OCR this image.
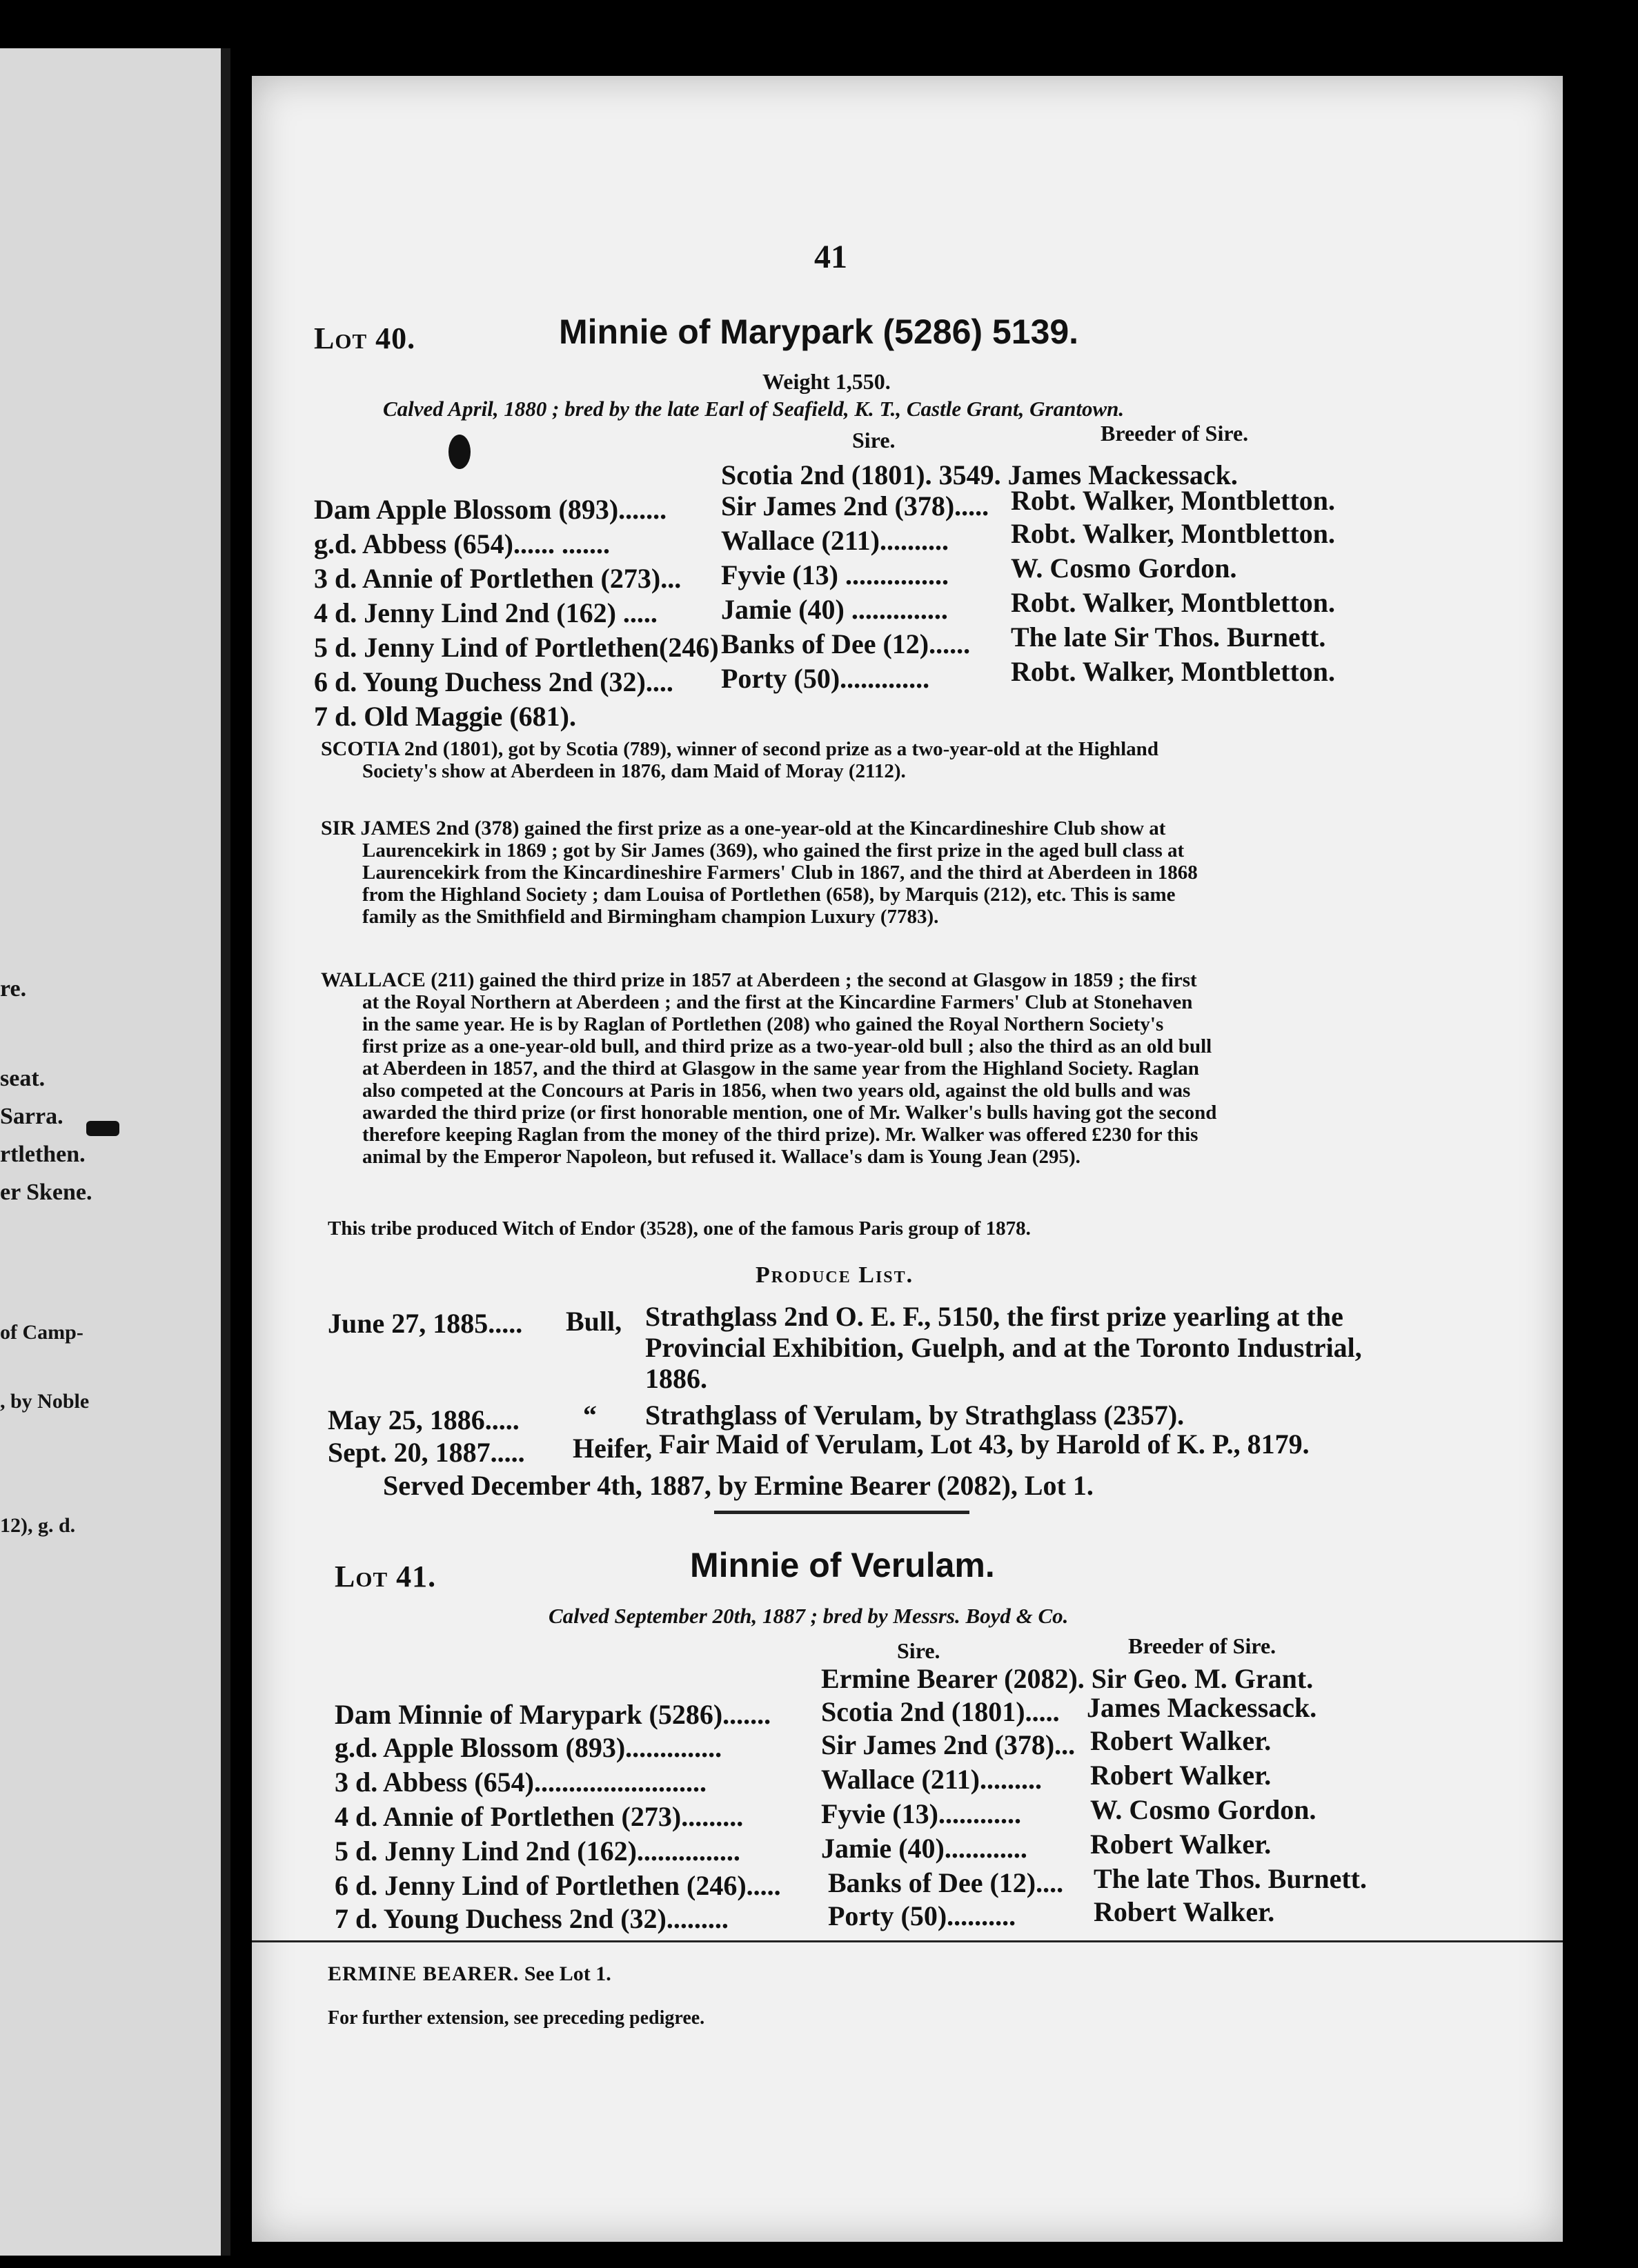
re.
seat.
Sarra.
rtlethen.
er Skene.
of Camp-
, by Noble
12), g. d.
41
Lot 40.	Minnie of Marypark (5286) 5139.
Weight 1,550.
Calved April, 1880 ; bred by the late Earl of Seafield, K. T., Castle Grant, Grantown.
Sire.	Breeder of Sire.
Scotia 2nd (1801). 3549. James Mackessack.
Dam Apple Blossom (893)....... Sir James 2nd (378)..... Robt. Walker, Montbletton.
g.d. Abbess (654)...... .......	Wallace (211).......... Robt. Walker, Montbletton.
3 d. Annie of Portlethen (273)... Fyvie (13) ............... W. Cosmo Gordon.
4 d. Jenny Lind 2nd (162) ..... Jamie (40) .............. Robt. Walker, Montbletton.
5 d. Jenny Lind of Portlethen(246) Banks of Dee (12)...... The late Sir Thos. Burnett.
6 d. Young Duchess 2nd (32).... Porty (50).............	Robt. Walker, Montbletton.
7 d. Old Maggie (681).
SCOTIA 2nd (1801), got by Scotia (789), winner of second prize as a two-year-old at the Highland
Society's show at Aberdeen in 1876, dam Maid of Moray (2112).
SIR JAMES 2nd (378) gained the first prize as a one-year-old at the Kincardineshire Club show at
Laurencekirk in 1869 ; got by Sir James (369), who gained the first prize in the aged bull class at
Laurencekirk from the Kincardineshire Farmers' Club in 1867, and the third at Aberdeen in 1868
from the Highland Society ; dam Louisa of Portlethen (658), by Marquis (212), etc. This is same
family as the Smithfield and Birmingham champion Luxury (7783).
WALLACE (211) gained the third prize in 1857 at Aberdeen ; the second at Glasgow in 1859 ; the first
at the Royal Northern at Aberdeen ; and the first at the Kincardine Farmers' Club at Stonehaven
in the same year. He is by Raglan of Portlethen (208) who gained the Royal Northern Society's
first prize as a one-year-old bull, and third prize as a two-year-old bull ; also the third as an old bull
at Aberdeen in 1857, and the third at Glasgow in the same year from the Highland Society. Raglan
also competed at the Concours at Paris in 1856, when two years old, against the old bulls and was
awarded the third prize (or first honorable mention, one of Mr. Walker's bulls having got the second
therefore keeping Raglan from the money of the third prize). Mr. Walker was offered £230 for this
animal by the Emperor Napoleon, but refused it. Wallace's dam is Young Jean (295).
This tribe produced Witch of Endor (3528), one of the famous Paris group of 1878.
Produce List.
June 27, 1885..... Bull, Strathglass 2nd O. E. F., 5150, the first prize yearling at the
Provincial Exhibition, Guelph, and at the Toronto Industrial,
1886.
May 25, 1886..... “ Strathglass of Verulam, by Strathglass (2357).
Sept. 20, 1887..... Heifer, Fair Maid of Verulam, Lot 43, by Harold of K. P., 8179.
Served December 4th, 1887, by Ermine Bearer (2082), Lot 1.
Lot 41.	Minnie of Verulam.
Calved September 20th, 1887 ; bred by Messrs. Boyd & Co.
Sire.	Breeder of Sire.
Ermine Bearer (2082). Sir Geo. M. Grant.
Dam Minnie of Marypark (5286)....... Scotia 2nd (1801)..... James Mackessack.
g.d. Apple Blossom (893)..............	Sir James 2nd (378)... Robert Walker.
3 d. Abbess (654).........................	Wallace (211)......... Robert Walker.
4 d. Annie of Portlethen (273).........	Fyvie (13)............	W. Cosmo Gordon.
5 d. Jenny Lind 2nd (162)...............	Jamie (40)............ Robert Walker.
6 d. Jenny Lind of Portlethen (246)..... Banks of Dee (12).... The late Thos. Burnett.
7 d. Young Duchess 2nd (32).........	Porty (50)..........	Robert Walker.
ERMINE BEARER. See Lot 1.
For further extension, see preceding pedigree.
